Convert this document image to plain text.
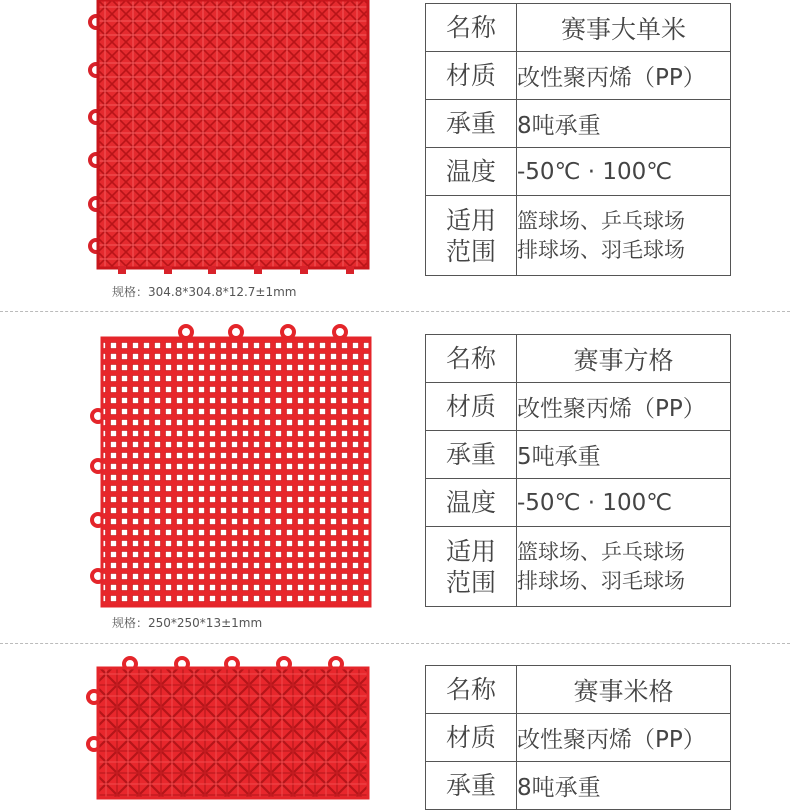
规格：304.8*304.8*12.7±1mm
名称	赛事大单米
材质	改性聚丙烯（PP）
承重	8吨承重
温度	-50℃ · 100℃
适用
范围	篮球场、乒乓球场
排球场、羽毛球场
规格：250*250*13±1mm
名称	赛事方格
材质	改性聚丙烯（PP）
承重	5吨承重
温度	-50℃ · 100℃
适用
范围	篮球场、乒乓球场
排球场、羽毛球场
名称	赛事米格
材质	改性聚丙烯（PP）
承重	8吨承重
